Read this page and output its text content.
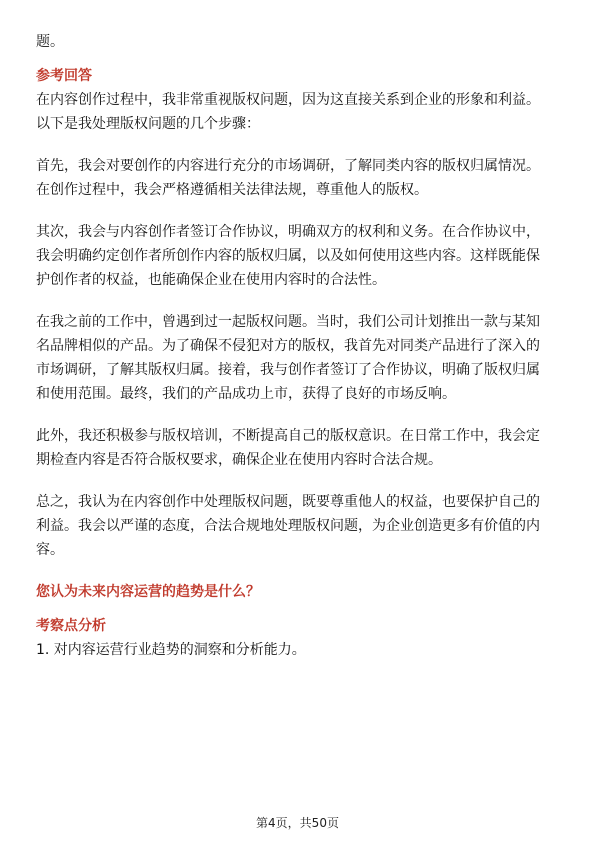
题。
参考回答
在内容创作过程中，我非常重视版权问题，因为这直接关系到企业的形象和利益。
以下是我处理版权问题的几个步骤：
首先，我会对要创作的内容进行充分的市场调研，了解同类内容的版权归属情况。
在创作过程中，我会严格遵循相关法律法规，尊重他人的版权。
其次，我会与内容创作者签订合作协议，明确双方的权利和义务。在合作协议中，
我会明确约定创作者所创作内容的版权归属，以及如何使用这些内容。这样既能保
护创作者的权益，也能确保企业在使用内容时的合法性。
在我之前的工作中，曾遇到过一起版权问题。当时，我们公司计划推出一款与某知
名品牌相似的产品。为了确保不侵犯对方的版权，我首先对同类产品进行了深入的
市场调研，了解其版权归属。接着，我与创作者签订了合作协议，明确了版权归属
和使用范围。最终，我们的产品成功上市，获得了良好的市场反响。
此外，我还积极参与版权培训，不断提高自己的版权意识。在日常工作中，我会定
期检查内容是否符合版权要求，确保企业在使用内容时合法合规。
总之，我认为在内容创作中处理版权问题，既要尊重他人的权益，也要保护自己的
利益。我会以严谨的态度，合法合规地处理版权问题，为企业创造更多有价值的内
容。
您认为未来内容运营的趋势是什么？
考察点分析
1. 对内容运营行业趋势的洞察和分析能力。
第4页，共50页
